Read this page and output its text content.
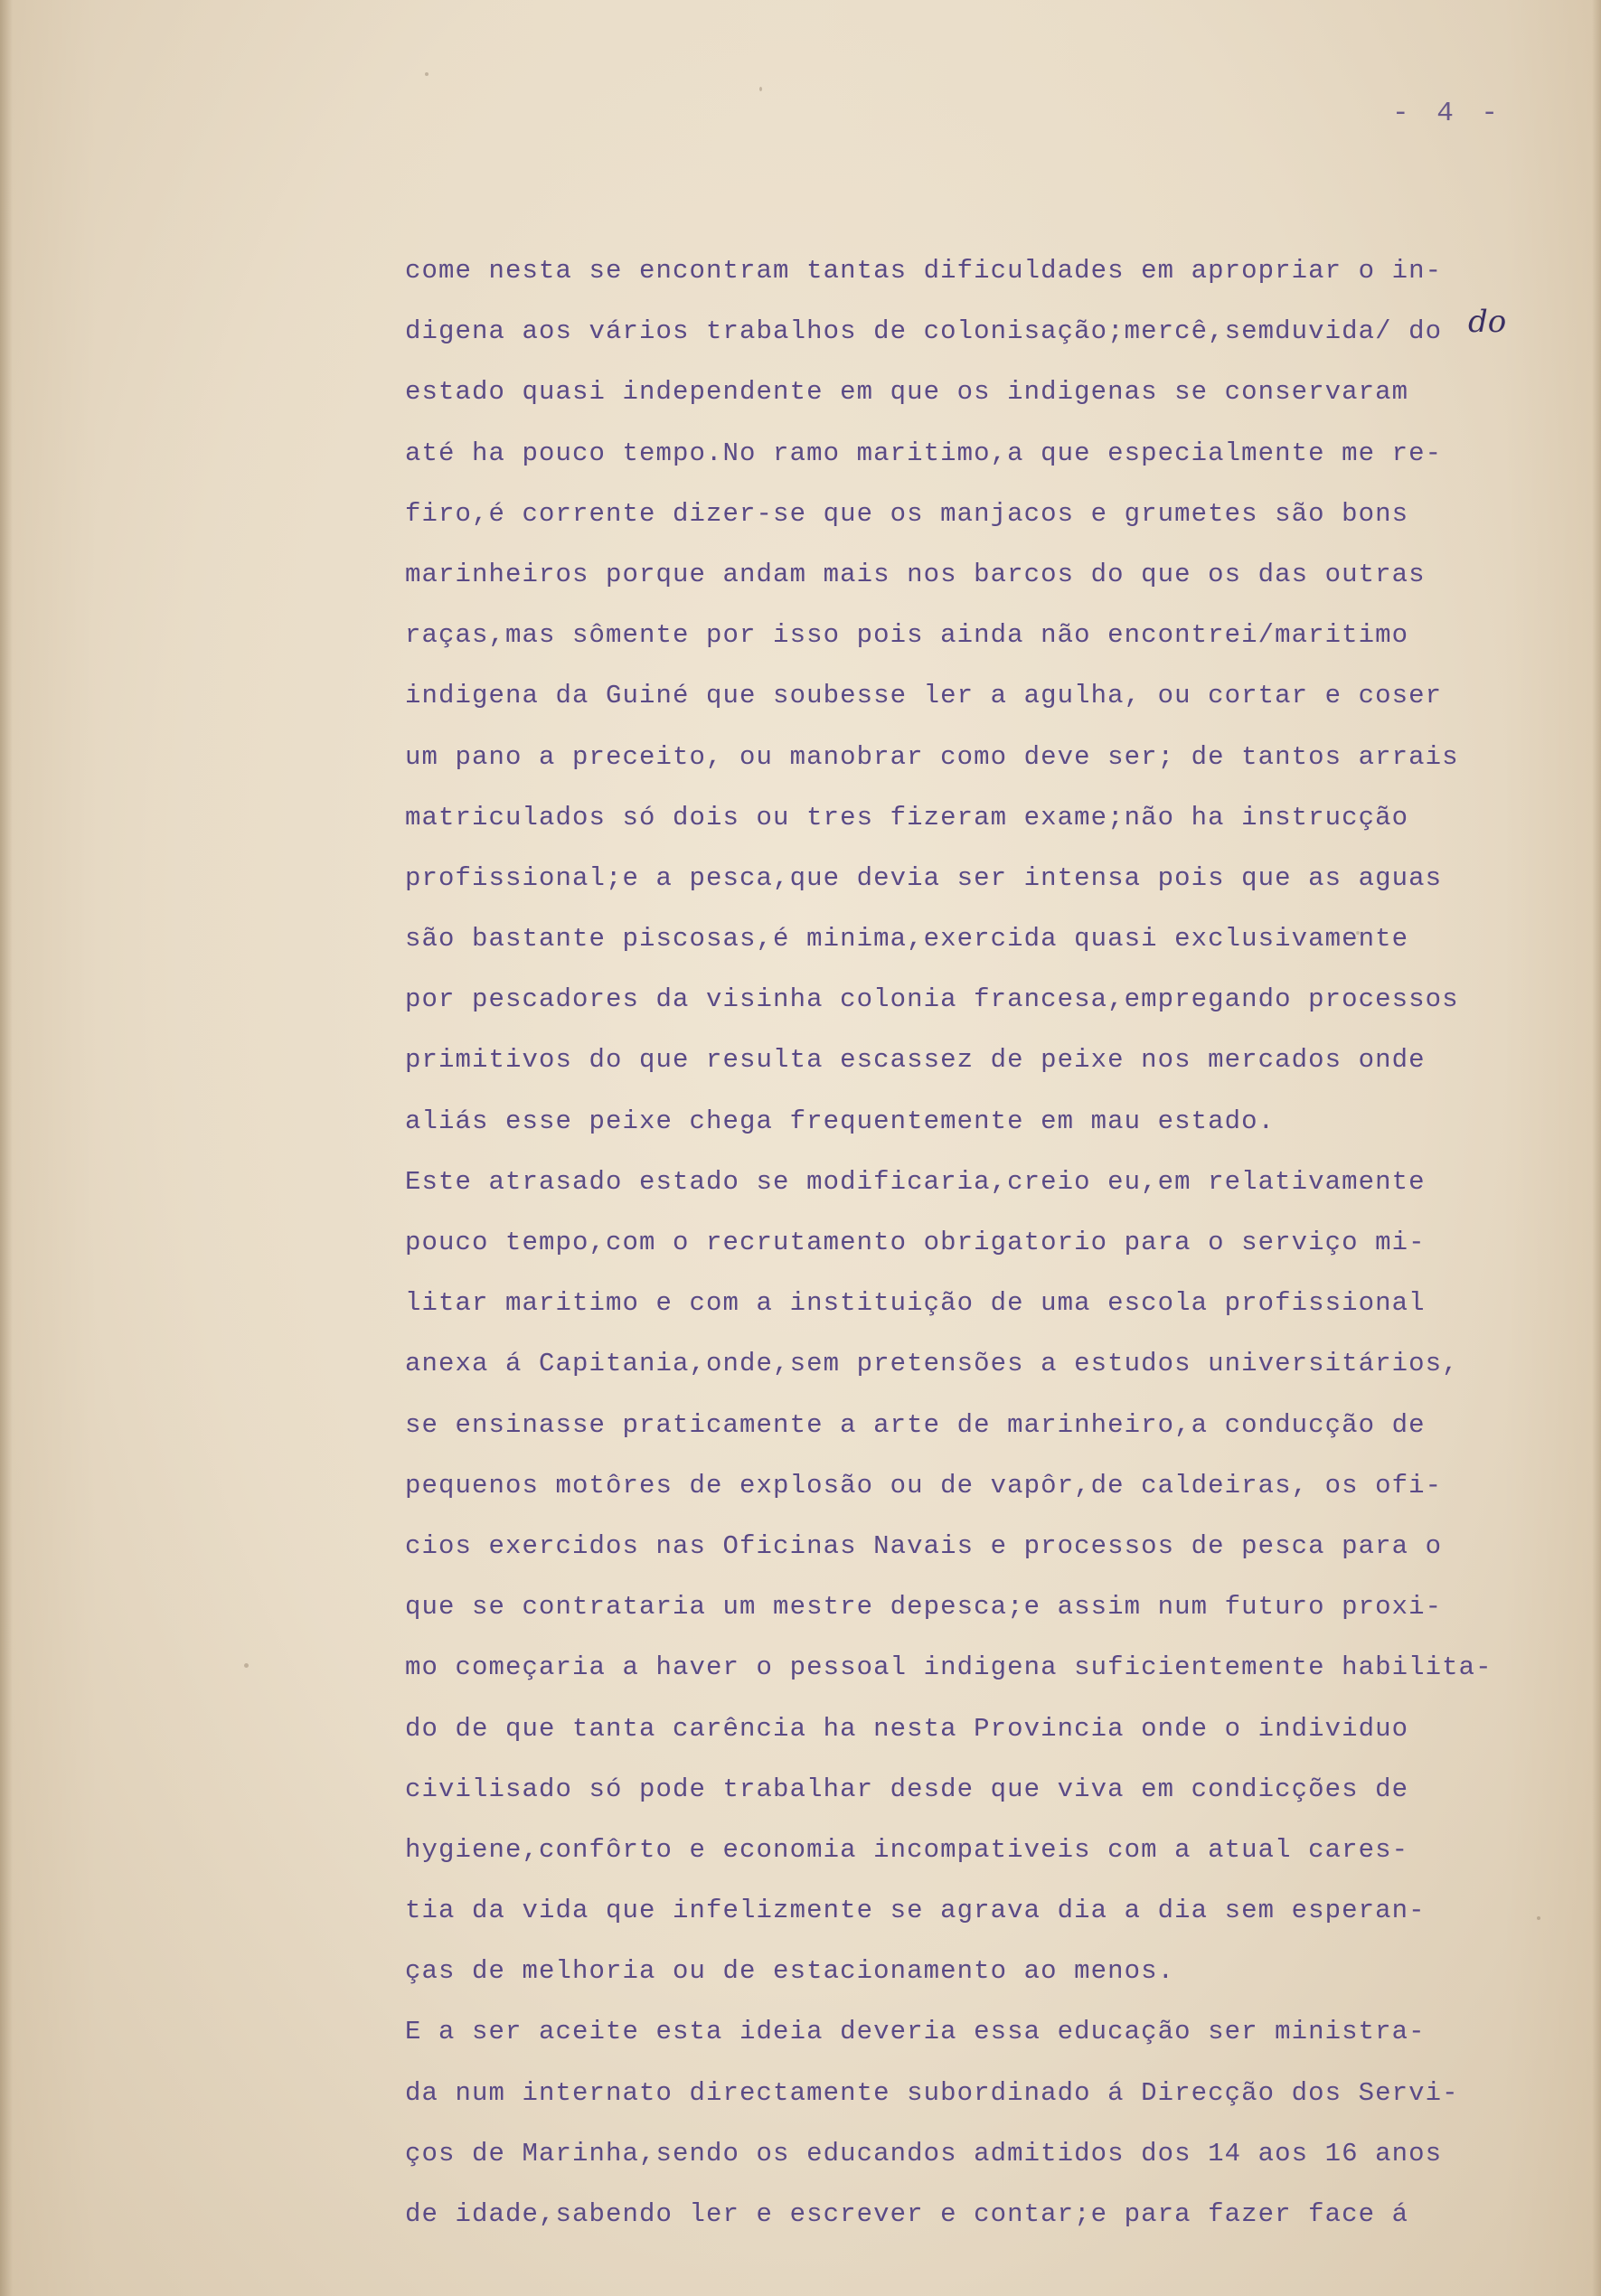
- 4 -
do
come nesta se encontram tantas dificuldades em apropriar o in-
digena aos vários trabalhos de colonisação;mercê,semduvida/ do
estado quasi independente em que os indigenas se conservaram
até ha pouco tempo.No ramo maritimo,a que especialmente me re-
firo,é corrente dizer-se que os manjacos e grumetes são bons
marinheiros porque andam mais nos barcos do que os das outras
raças,mas sômente por isso pois ainda não encontrei/maritimo
indigena da Guiné que soubesse ler a agulha, ou cortar e coser
um pano a preceito, ou manobrar como deve ser; de tantos arrais
matriculados só dois ou tres fizeram exame;não ha instrucção
profissional;e a pesca,que devia ser intensa pois que as aguas
são bastante piscosas,é minima,exercida quasi exclusivamente
por pescadores da visinha colonia francesa,empregando processos
primitivos do que resulta escassez de peixe nos mercados onde
aliás esse peixe chega frequentemente em mau estado.
Este atrasado estado se modificaria,creio eu,em relativamente
pouco tempo,com o recrutamento obrigatorio para o serviço mi-
litar maritimo e com a instituição de uma escola profissional
anexa á Capitania,onde,sem pretensões a estudos universitários,
se ensinasse praticamente a arte de marinheiro,a conducção de
pequenos motôres de explosão ou de vapôr,de caldeiras, os ofi-
cios exercidos nas Oficinas Navais e processos de pesca para o
que se contrataria um mestre depesca;e assim num futuro proxi-
mo começaria a haver o pessoal indigena suficientemente habilita-
do de que tanta carência ha nesta Provincia onde o individuo
civilisado só pode trabalhar desde que viva em condicções de
hygiene,confôrto e economia incompativeis com a atual cares-
tia da vida que infelizmente se agrava dia a dia sem esperan-
ças de melhoria ou de estacionamento ao menos.
E a ser aceite esta ideia deveria essa educação ser ministra-
da num internato directamente subordinado á Direcção dos Servi-
ços de Marinha,sendo os educandos admitidos dos 14 aos 16 anos
de idade,sabendo ler e escrever e contar;e para fazer face á
